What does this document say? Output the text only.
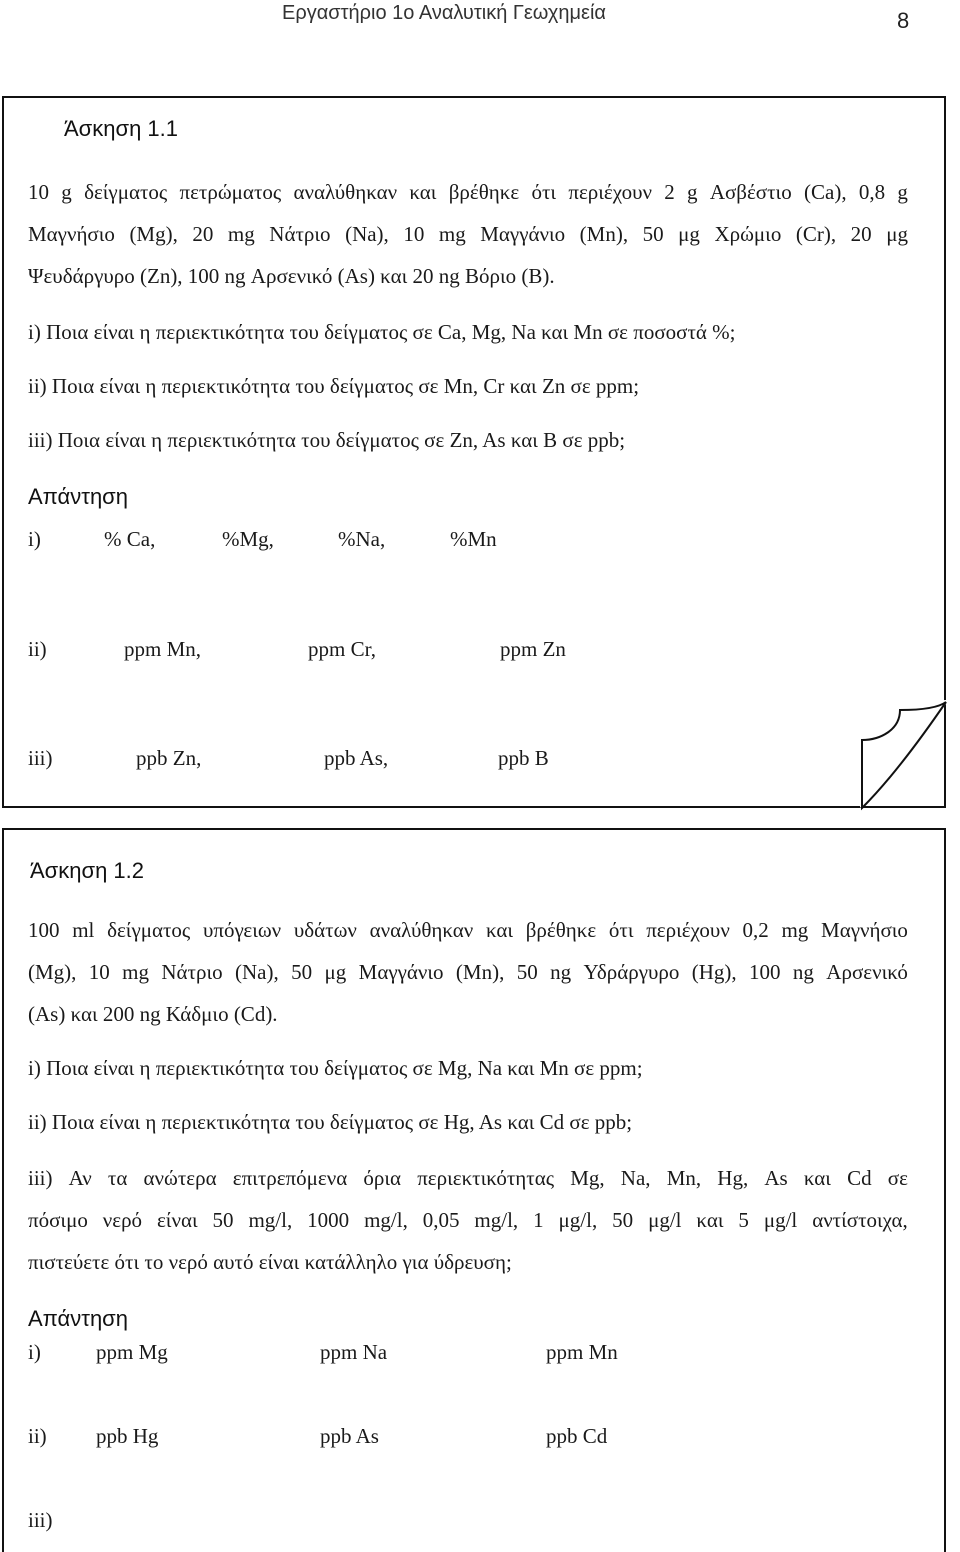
Εργαστήριο 1ο Αναλυτική Γεωχημεία	8
Άσκηση 1.1
10 g δείγματος πετρώματος αναλύθηκαν και βρέθηκε ότι περιέχουν 2 g Ασβέστιο (Ca), 0,8 g
Μαγνήσιο (Mg), 20 mg Νάτριο (Na), 10 mg Μαγγάνιο (Mn), 50 μg Χρώμιο (Cr), 20 μg
Ψευδάργυρο (Zn), 100 ng Αρσενικό (As) και 20 ng Βόριο (B).
i) Ποια είναι η περιεκτικότητα του δείγματος σε Ca, Mg, Na και Mn σε ποσοστά %;
ii) Ποια είναι η περιεκτικότητα του δείγματος σε Mn, Cr και Zn σε ppm;
iii) Ποια είναι η περιεκτικότητα του δείγματος σε Zn, As και B σε ppb;
Απάντηση
i)	% Ca,	%Mg,	%Na,	%Mn
ii)	ppm Mn,	ppm Cr,	ppm Zn
iii)	ppb Zn,	ppb As,	ppb B
Άσκηση 1.2
100 ml δείγματος υπόγειων υδάτων αναλύθηκαν και βρέθηκε ότι περιέχουν 0,2 mg Μαγνήσιο
(Mg), 10 mg Νάτριο (Na), 50 μg Μαγγάνιο (Mn), 50 ng Υδράργυρο (Hg), 100 ng Αρσενικό
(As) και 200 ng Κάδμιο (Cd).
i) Ποια είναι η περιεκτικότητα του δείγματος σε Mg, Na και Mn σε ppm;
ii) Ποια είναι η περιεκτικότητα του δείγματος σε Hg, As και Cd σε ppb;
iii) Αν τα ανώτερα επιτρεπόμενα όρια περιεκτικότητας Mg, Na, Mn, Hg, As και Cd σε
πόσιμο νερό είναι 50 mg/l, 1000 mg/l, 0,05 mg/l, 1 μg/l, 50 μg/l και 5 μg/l αντίστοιχα,
πιστεύετε ότι το νερό αυτό είναι κατάλληλο για ύδρευση;
Απάντηση
i)	ppm Mg	ppm Na	ppm Mn
ii) ppb Hg	ppb As	ppb Cd
iii)
